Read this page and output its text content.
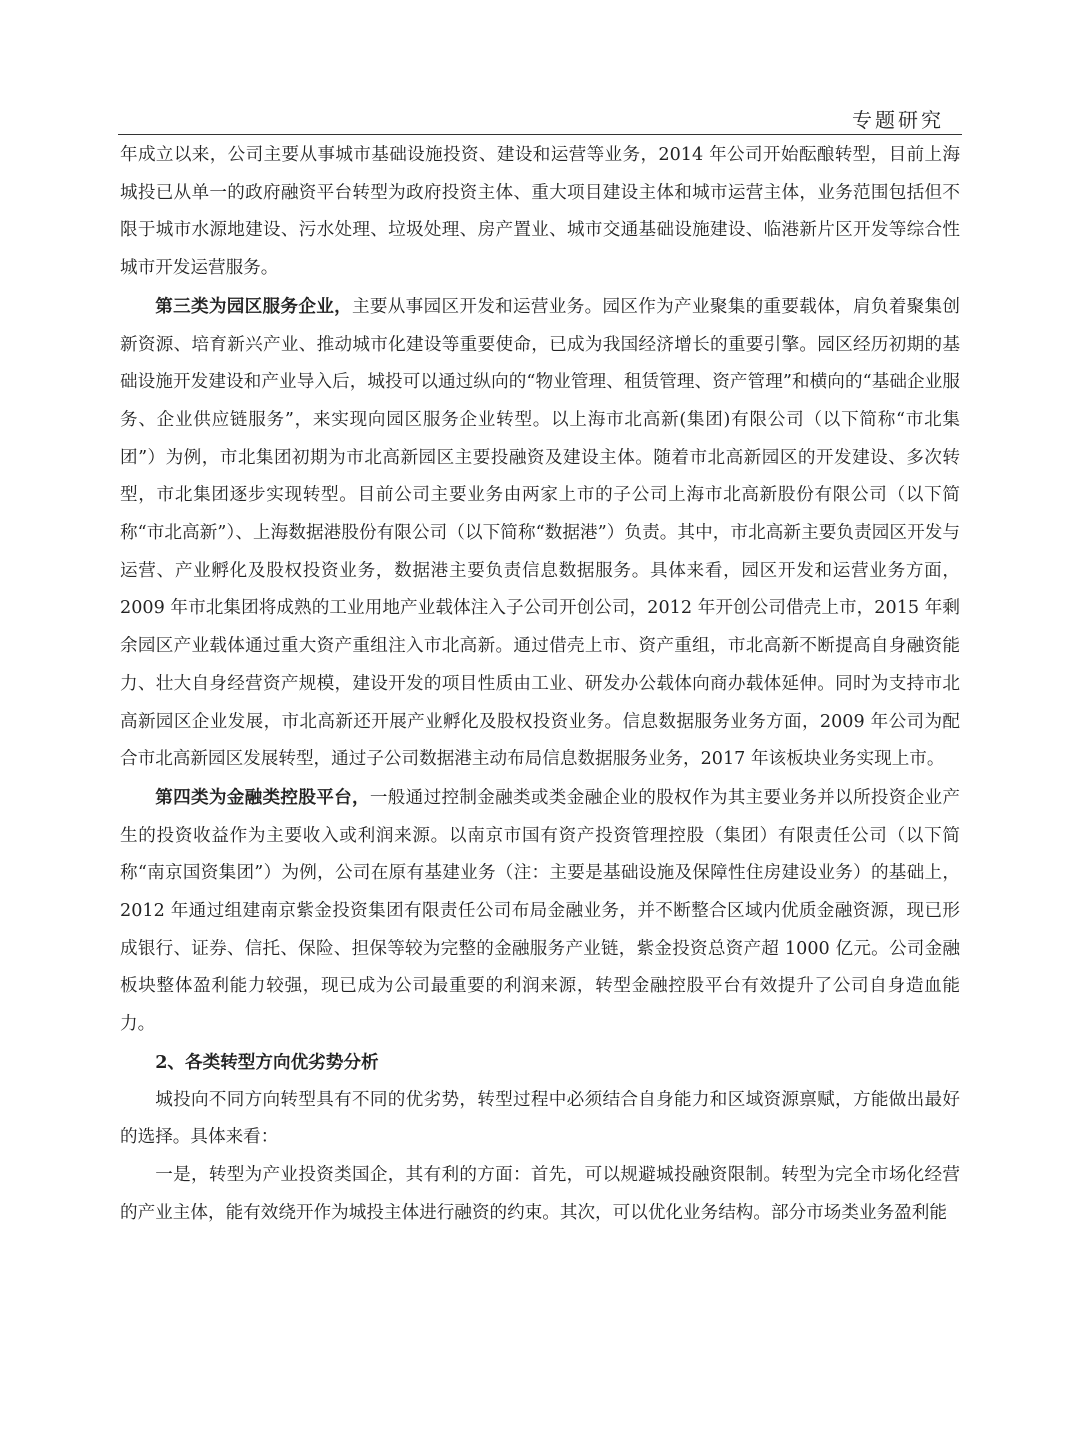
专题研究

年成立以来，公司主要从事城市基础设施投资、建设和运营等业务，2014 年公司开始酝酿转型，目前上海城投已从单一的政府融资平台转型为政府投资主体、重大项目建设主体和城市运营主体，业务范围包括但不限于城市水源地建设、污水处理、垃圾处理、房产置业、城市交通基础设施建设、临港新片区开发等综合性城市开发运营服务。

第三类为园区服务企业，主要从事园区开发和运营业务。园区作为产业聚集的重要载体，肩负着聚集创新资源、培育新兴产业、推动城市化建设等重要使命，已成为我国经济增长的重要引擎。园区经历初期的基础设施开发建设和产业导入后，城投可以通过纵向的“物业管理、租赁管理、资产管理”和横向的“基础企业服务、企业供应链服务”，来实现向园区服务企业转型。以上海市北高新(集团)有限公司（以下简称“市北集团”）为例，市北集团初期为市北高新园区主要投融资及建设主体。随着市北高新园区的开发建设、多次转型，市北集团逐步实现转型。目前公司主要业务由两家上市的子公司上海市北高新股份有限公司（以下简称“市北高新”）、上海数据港股份有限公司（以下简称“数据港”）负责。其中，市北高新主要负责园区开发与运营、产业孵化及股权投资业务，数据港主要负责信息数据服务。具体来看，园区开发和运营业务方面，2009 年市北集团将成熟的工业用地产业载体注入子公司开创公司，2012 年开创公司借壳上市，2015 年剩余园区产业载体通过重大资产重组注入市北高新。通过借壳上市、资产重组，市北高新不断提高自身融资能力、壮大自身经营资产规模，建设开发的项目性质由工业、研发办公载体向商办载体延伸。同时为支持市北高新园区企业发展，市北高新还开展产业孵化及股权投资业务。信息数据服务业务方面，2009 年公司为配合市北高新园区发展转型，通过子公司数据港主动布局信息数据服务业务，2017 年该板块业务实现上市。

第四类为金融类控股平台，一般通过控制金融类或类金融企业的股权作为其主要业务并以所投资企业产生的投资收益作为主要收入或利润来源。以南京市国有资产投资管理控股（集团）有限责任公司（以下简称“南京国资集团”）为例，公司在原有基建业务（注：主要是基础设施及保障性住房建设业务）的基础上，2012 年通过组建南京紫金投资集团有限责任公司布局金融业务，并不断整合区域内优质金融资源，现已形成银行、证券、信托、保险、担保等较为完整的金融服务产业链，紫金投资总资产超 1000 亿元。公司金融板块整体盈利能力较强，现已成为公司最重要的利润来源，转型金融控股平台有效提升了公司自身造血能力。

2、各类转型方向优劣势分析

城投向不同方向转型具有不同的优劣势，转型过程中必须结合自身能力和区域资源禀赋，方能做出最好的选择。具体来看：

一是，转型为产业投资类国企，其有利的方面：首先，可以规避城投融资限制。转型为完全市场化经营的产业主体，能有效绕开作为城投主体进行融资的约束。其次，可以优化业务结构。部分市场类业务盈利能
